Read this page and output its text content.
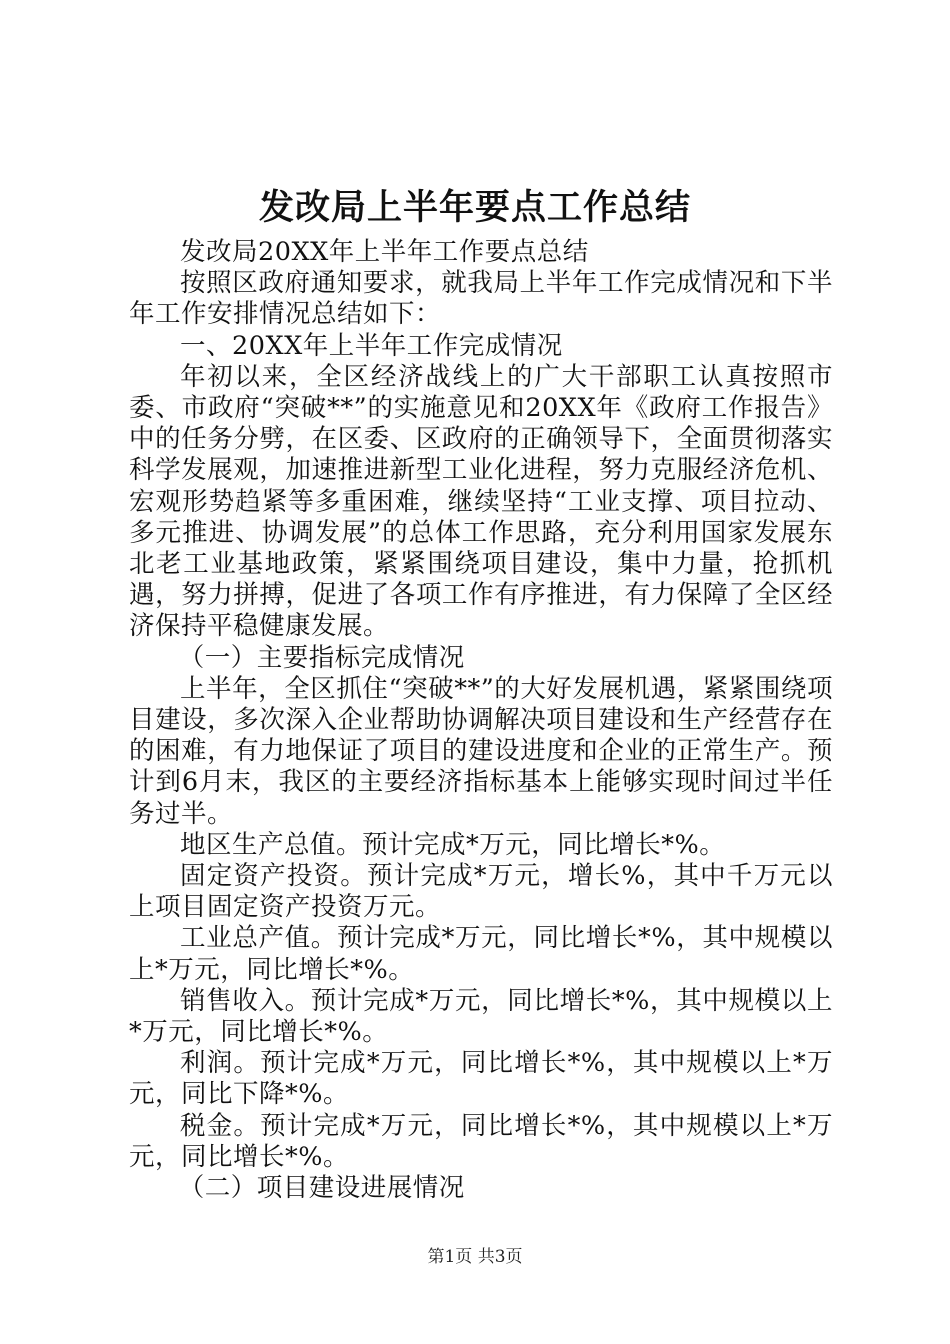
发改局上半年要点工作总结

发改局20XX年上半年工作要点总结

按照区政府通知要求，就我局上半年工作完成情况和下半年工作安排情况总结如下：

一、20XX年上半年工作完成情况

年初以来，全区经济战线上的广大干部职工认真按照市委、市政府“突破**”的实施意见和20XX年《政府工作报告》中的任务分劈，在区委、区政府的正确领导下，全面贯彻落实科学发展观，加速推进新型工业化进程，努力克服经济危机、宏观形势趋紧等多重困难，继续坚持“工业支撑、项目拉动、多元推进、协调发展”的总体工作思路，充分利用国家发展东北老工业基地政策，紧紧围绕项目建设，集中力量，抢抓机遇，努力拼搏，促进了各项工作有序推进，有力保障了全区经济保持平稳健康发展。

（一）主要指标完成情况

上半年，全区抓住“突破**”的大好发展机遇，紧紧围绕项目建设，多次深入企业帮助协调解决项目建设和生产经营存在的困难，有力地保证了项目的建设进度和企业的正常生产。预计到6月末，我区的主要经济指标基本上能够实现时间过半任务过半。

地区生产总值。预计完成*万元，同比增长*%。

固定资产投资。预计完成*万元，增长%，其中千万元以上项目固定资产投资万元。

工业总产值。预计完成*万元，同比增长*%，其中规模以上*万元，同比增长*%。

销售收入。预计完成*万元，同比增长*%，其中规模以上*万元，同比增长*%。

利润。预计完成*万元，同比增长*%，其中规模以上*万元，同比下降*%。

税金。预计完成*万元，同比增长*%，其中规模以上*万元，同比增长*%。

（二）项目建设进展情况

第1页 共3页
